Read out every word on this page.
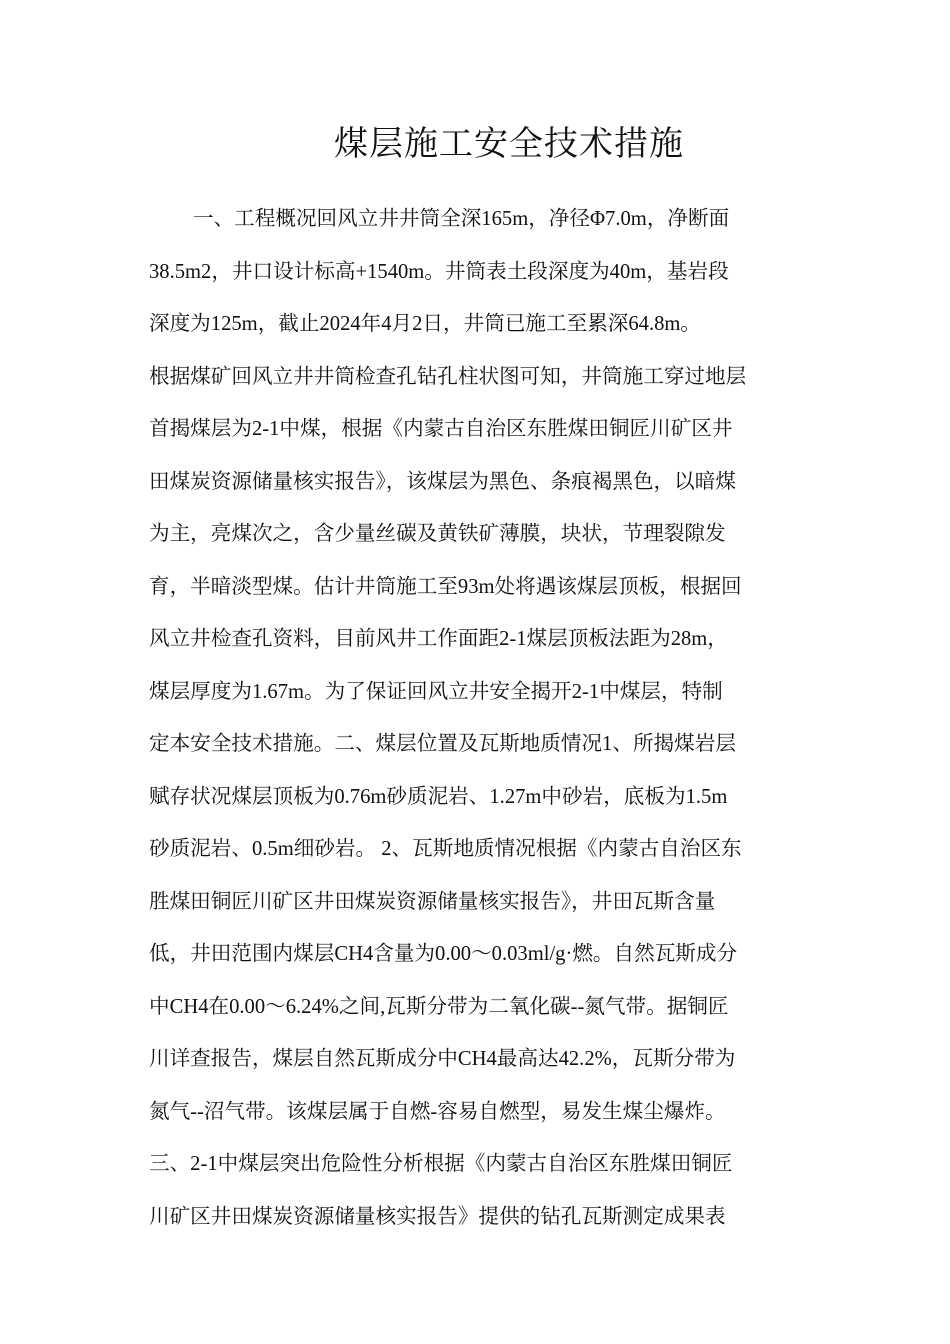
煤层施工安全技术措施
一、工程概况回风立井井筒全深165m，净径Φ7.0m，净断面
38.5m2，井口设计标高+1540m。井筒表土段深度为40m，基岩段
深度为125m，截止2024年4月2日，井筒已施工至累深64.8m。
根据煤矿回风立井井筒检查孔钻孔柱状图可知，井筒施工穿过地层
首揭煤层为2-1中煤，根据《内蒙古自治区东胜煤田铜匠川矿区井
田煤炭资源储量核实报告》，该煤层为黑色、条痕褐黑色，以暗煤
为主，亮煤次之，含少量丝碳及黄铁矿薄膜，块状，节理裂隙发
育，半暗淡型煤。估计井筒施工至93m处将遇该煤层顶板，根据回
风立井检查孔资料，目前风井工作面距2-1煤层顶板法距为28m，
煤层厚度为1.67m。为了保证回风立井安全揭开2-1中煤层，特制
定本安全技术措施。二、煤层位置及瓦斯地质情况1、所揭煤岩层
赋存状况煤层顶板为0.76m砂质泥岩、1.27m中砂岩，底板为1.5m
砂质泥岩、0.5m细砂岩。 2、瓦斯地质情况根据《内蒙古自治区东
胜煤田铜匠川矿区井田煤炭资源储量核实报告》，井田瓦斯含量
低，井田范围内煤层CH4含量为0.00～0.03ml/g·燃。自然瓦斯成分
中CH4在0.00～6.24%之间,瓦斯分带为二氧化碳--氮气带。据铜匠
川详查报告，煤层自然瓦斯成分中CH4最高达42.2%，瓦斯分带为
氮气--沼气带。该煤层属于自燃-容易自燃型，易发生煤尘爆炸。
三、2-1中煤层突出危险性分析根据《内蒙古自治区东胜煤田铜匠
川矿区井田煤炭资源储量核实报告》提供的钻孔瓦斯测定成果表
